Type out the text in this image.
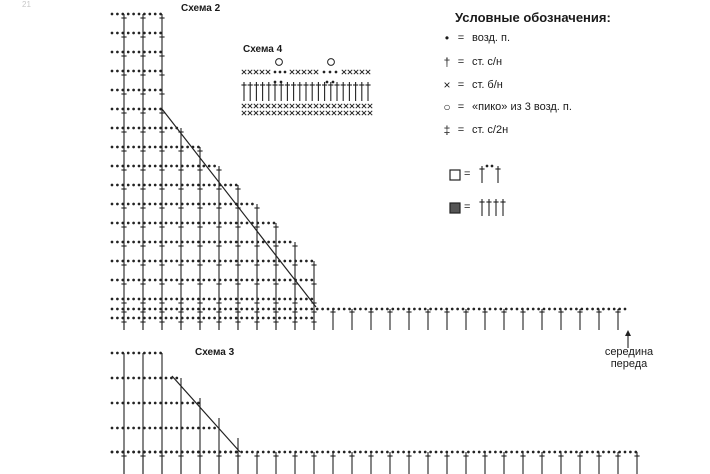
21	Схема 2
Схема 3
Схема 4
Условные обозначения:
• = возд. п.
† = ст. с/н
× = ст. б/н
○ = «пико» из 3 возд. п.
‡ = ст. с/2н
=
=
середина
переда
